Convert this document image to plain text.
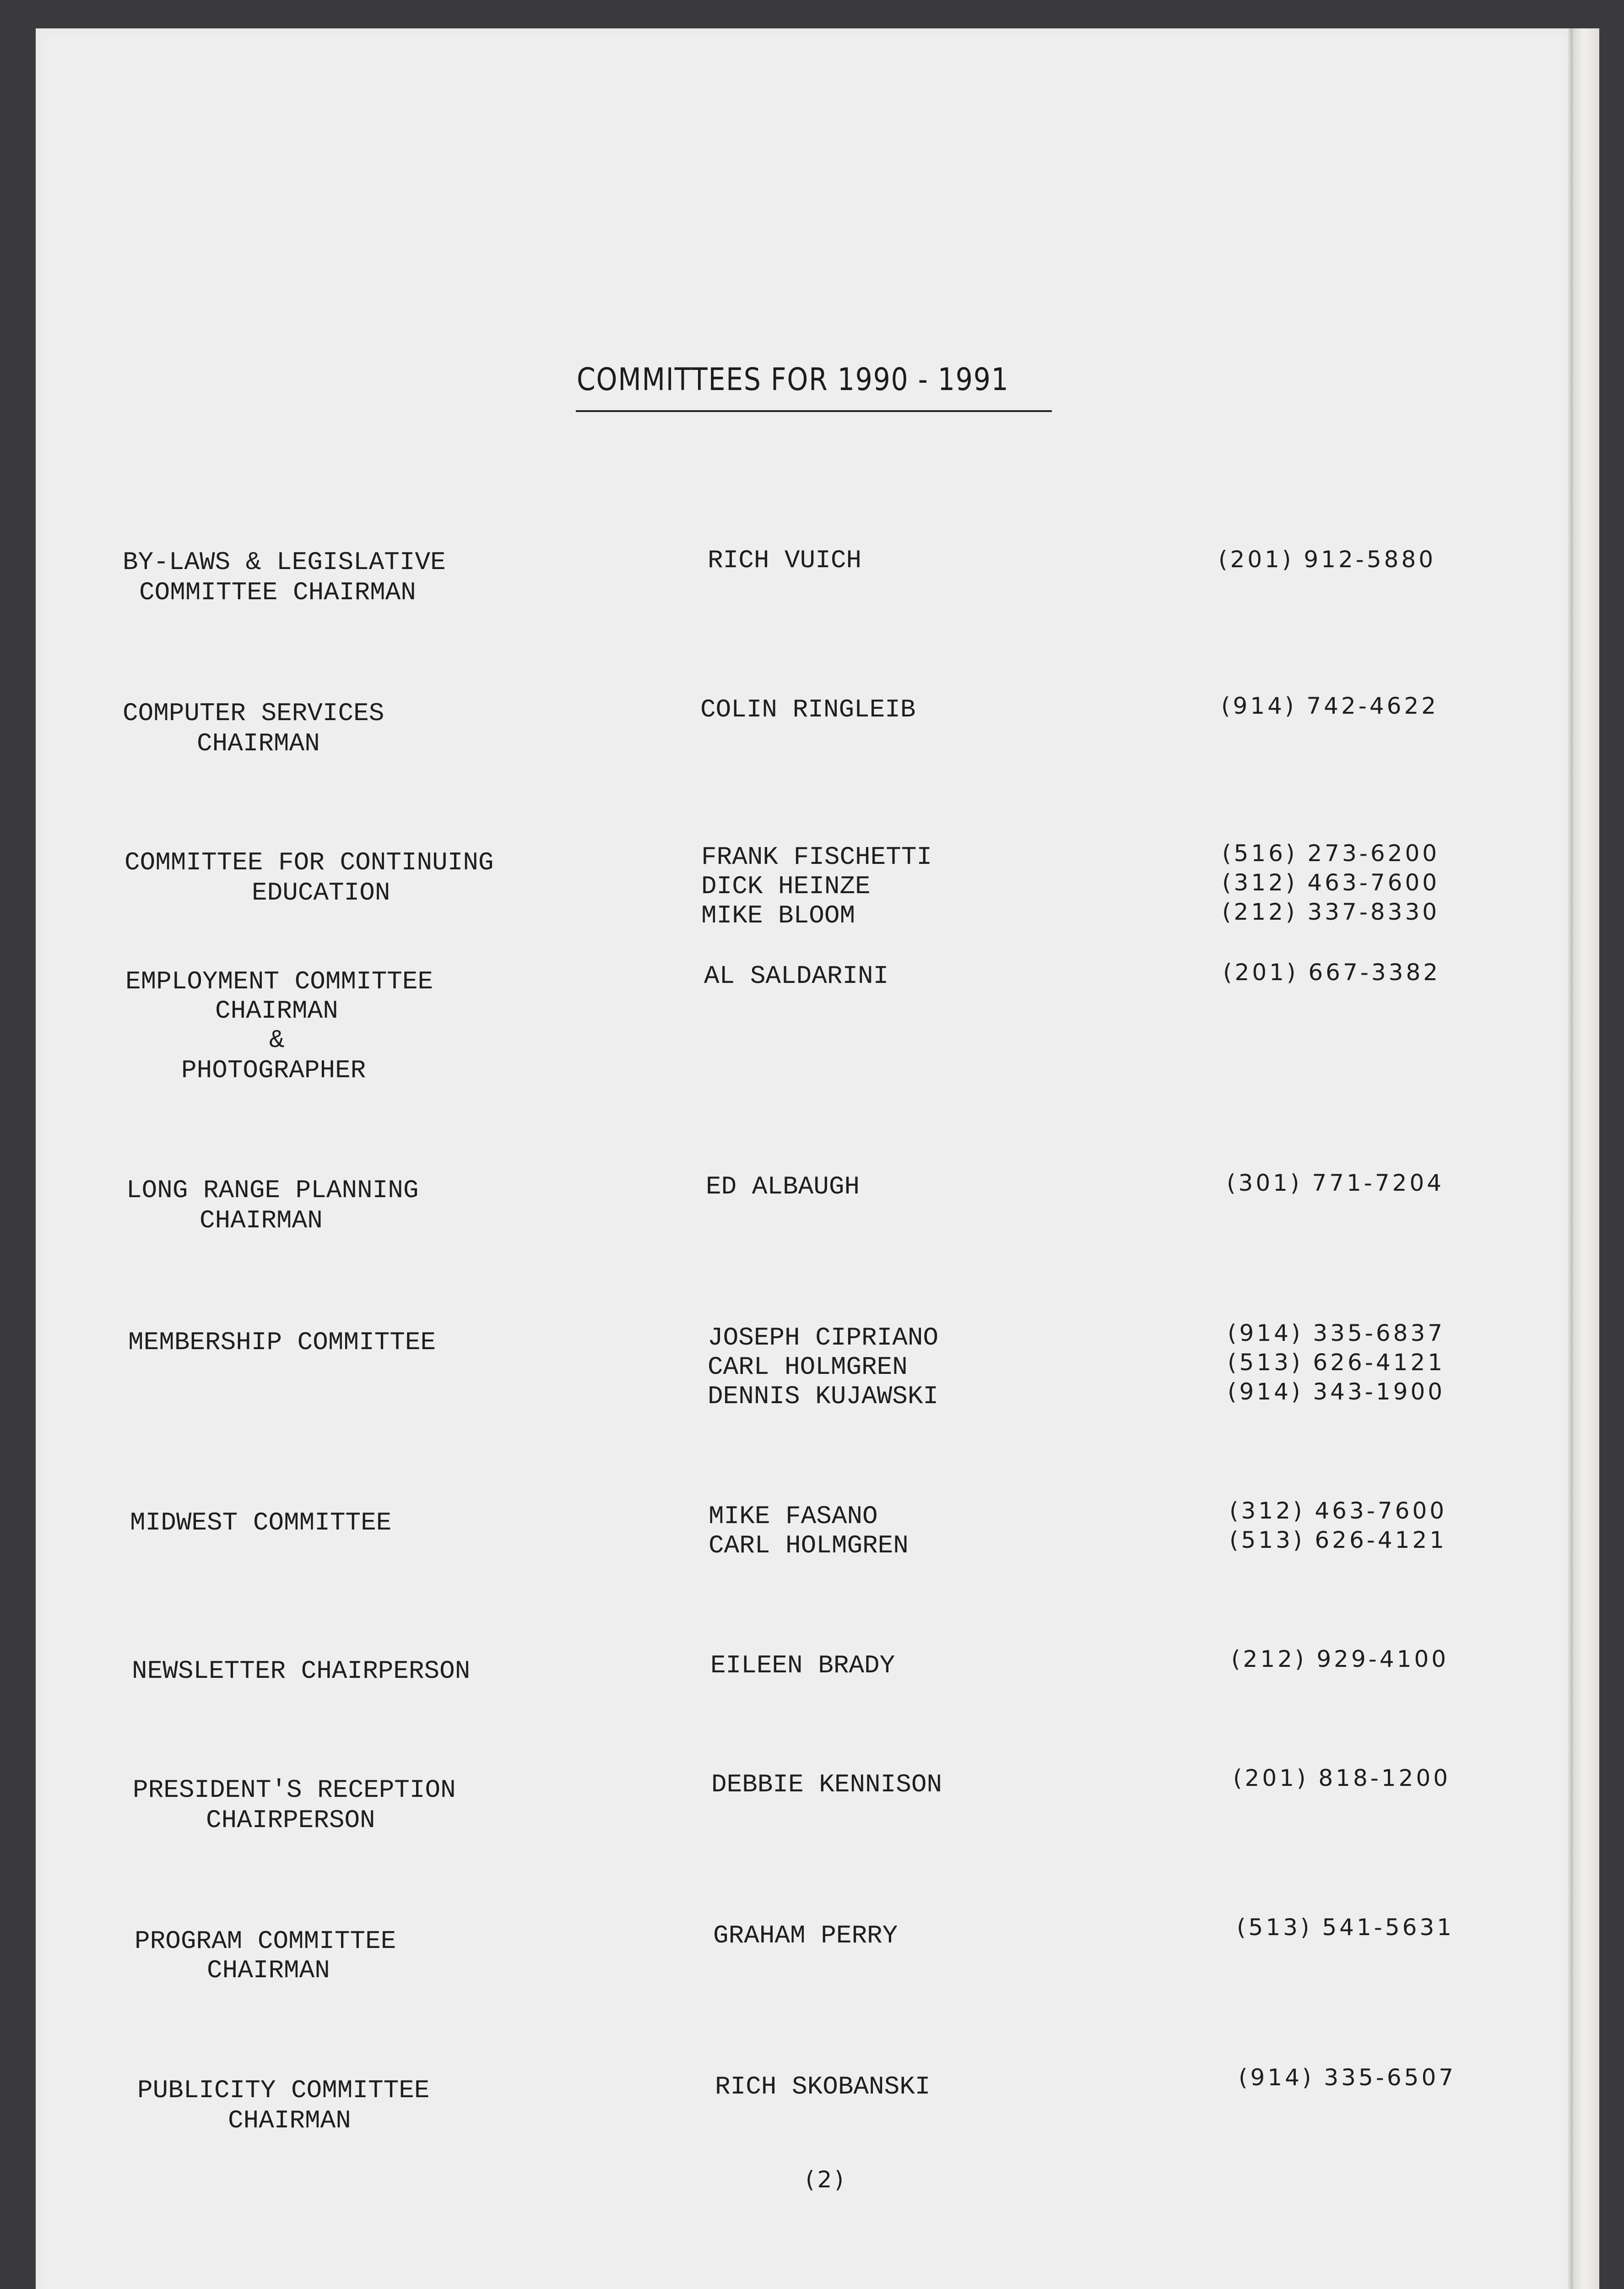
COMMITTEES FOR 1990 - 1991
BY-LAWS & LEGISLATIVE
COMMITTEE CHAIRMAN
RICH VUICH	(201) 912-5880
COMPUTER SERVICES
CHAIRMAN
COLIN RINGLEIB	(914) 742-4622
COMMITTEE FOR CONTINUING
EDUCATION
FRANK FISCHETTI	(516) 273-6200
DICK HEINZE	(312) 463-7600
MIKE BLOOM	(212) 337-8330
EMPLOYMENT COMMITTEE
CHAIRMAN
&
PHOTOGRAPHER
AL SALDARINI	(201) 667-3382
LONG RANGE PLANNING
CHAIRMAN
ED ALBAUGH	(301) 771-7204
MEMBERSHIP COMMITTEE	JOSEPH CIPRIANO	(914) 335-6837
CARL HOLMGREN	(513) 626-4121
DENNIS KUJAWSKI	(914) 343-1900
MIDWEST COMMITTEE	MIKE FASANO	(312) 463-7600
CARL HOLMGREN	(513) 626-4121
NEWSLETTER CHAIRPERSON	EILEEN BRADY	(212) 929-4100
PRESIDENT'S RECEPTION
CHAIRPERSON
DEBBIE KENNISON	(201) 818-1200
PROGRAM COMMITTEE
CHAIRMAN
GRAHAM PERRY	(513) 541-5631
PUBLICITY COMMITTEE
CHAIRMAN
RICH SKOBANSKI	(914) 335-6507
(2)
